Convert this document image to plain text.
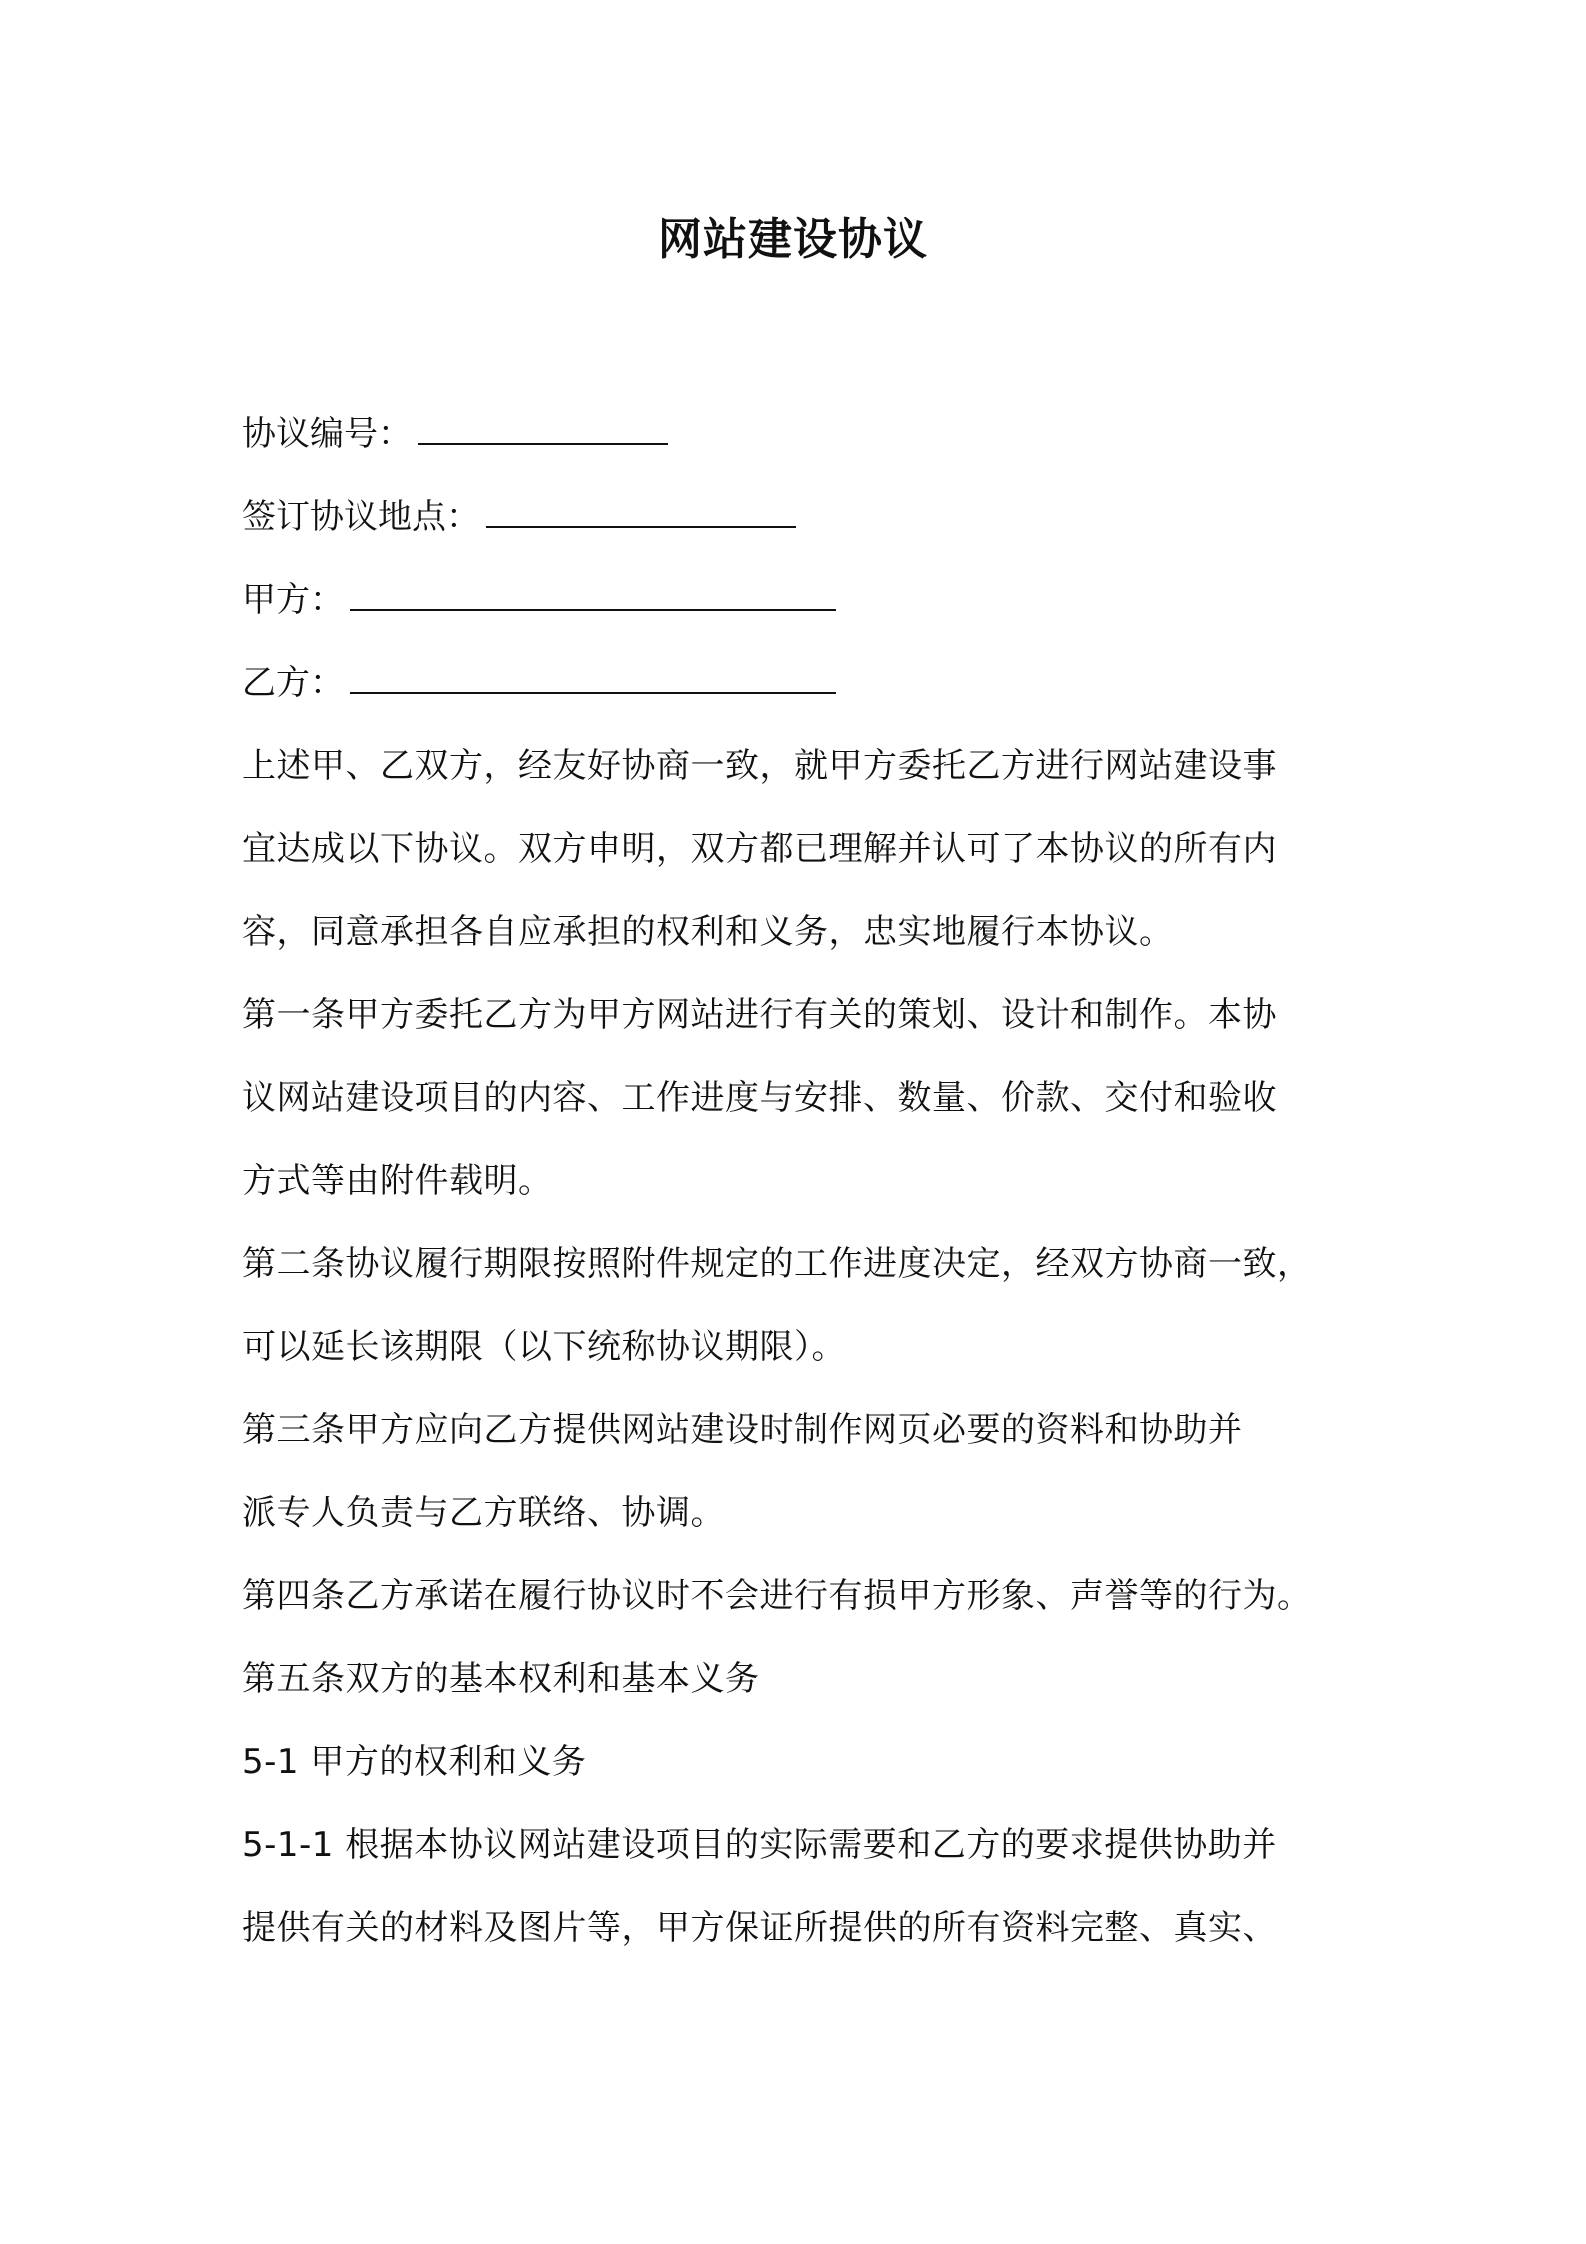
网站建设协议
协议编号：
签订协议地点：
甲方：
乙方：
上述甲、乙双方，经友好协商一致，就甲方委托乙方进行网站建设事
宜达成以下协议。双方申明，双方都已理解并认可了本协议的所有内
容，同意承担各自应承担的权利和义务，忠实地履行本协议。
第一条甲方委托乙方为甲方网站进行有关的策划、设计和制作。本协
议网站建设项目的内容、工作进度与安排、数量、价款、交付和验收
方式等由附件载明。
第二条协议履行期限按照附件规定的工作进度决定，经双方协商一致，
可以延长该期限（以下统称协议期限）。
第三条甲方应向乙方提供网站建设时制作网页必要的资料和协助并
派专人负责与乙方联络、协调。
第四条乙方承诺在履行协议时不会进行有损甲方形象、声誉等的行为。
第五条双方的基本权利和基本义务
5-1 甲方的权利和义务
5-1-1 根据本协议网站建设项目的实际需要和乙方的要求提供协助并
提供有关的材料及图片等，甲方保证所提供的所有资料完整、真实、
